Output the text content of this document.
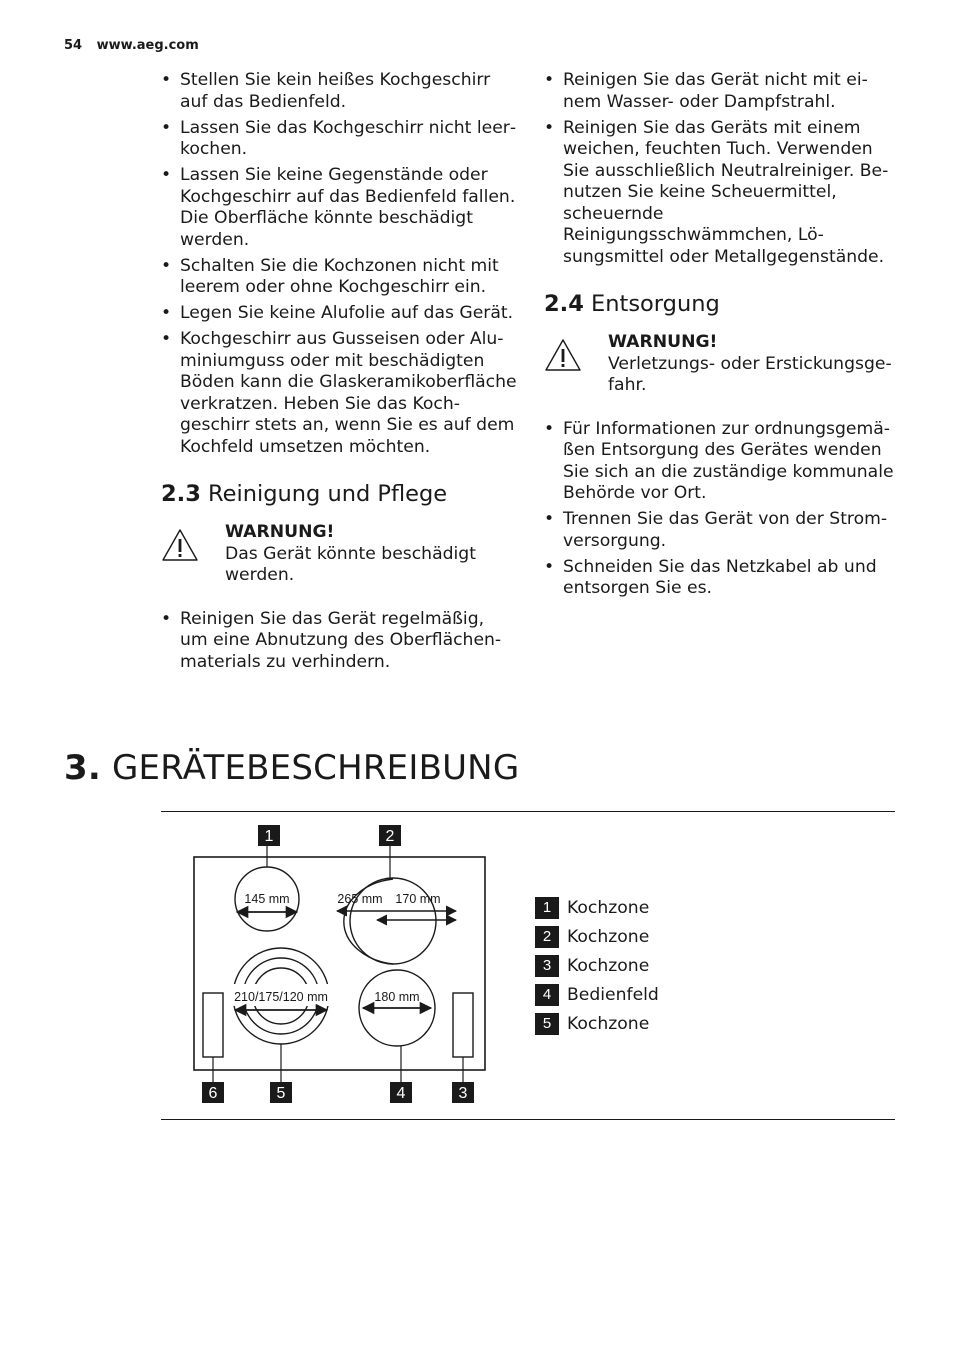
54 www.aeg.com
• Stellen Sie kein heißes Kochgeschirr auf das Bedienfeld.
• Lassen Sie das Kochgeschirr nicht leerkochen.
• Lassen Sie keine Gegenstände oder Kochgeschirr auf das Bedienfeld fallen. Die Oberfläche könnte beschädigt werden.
• Schalten Sie die Kochzonen nicht mit leerem oder ohne Kochgeschirr ein.
• Legen Sie keine Alufolie auf das Gerät.
• Kochgeschirr aus Gusseisen oder Aluminiumguss oder mit beschädigten Böden kann die Glaskeramikoberfläche verkratzen. Heben Sie das Kochgeschirr stets an, wenn Sie es auf dem Kochfeld umsetzen möchten.
2.3 Reinigung und Pflege
WARNUNG!
Das Gerät könnte beschädigt werden.
• Reinigen Sie das Gerät regelmäßig, um eine Abnutzung des Oberflächenmaterials zu verhindern.
• Reinigen Sie das Gerät nicht mit einem Wasser- oder Dampfstrahl.
• Reinigen Sie das Geräts mit einem weichen, feuchten Tuch. Verwenden Sie ausschließlich Neutralreiniger. Benutzen Sie keine Scheuermittel, scheuernde Reinigungsschwämmchen, Lösungsmittel oder Metallgegenstände.
2.4 Entsorgung
WARNUNG!
Verletzungs- oder Erstickungsgefahr.
• Für Informationen zur ordnungsgemäßen Entsorgung des Gerätes wenden Sie sich an die zuständige kommunale Behörde vor Ort.
• Trennen Sie das Gerät von der Stromversorgung.
• Schneiden Sie das Netzkabel ab und entsorgen Sie es.
3. GERÄTEBESCHREIBUNG
145 mm	265 mm 170 mm
210/175/120 mm	180 mm
1	2
6	5	4	3
1 Kochzone
2 Kochzone
3 Kochzone
4 Bedienfeld
5 Kochzone
